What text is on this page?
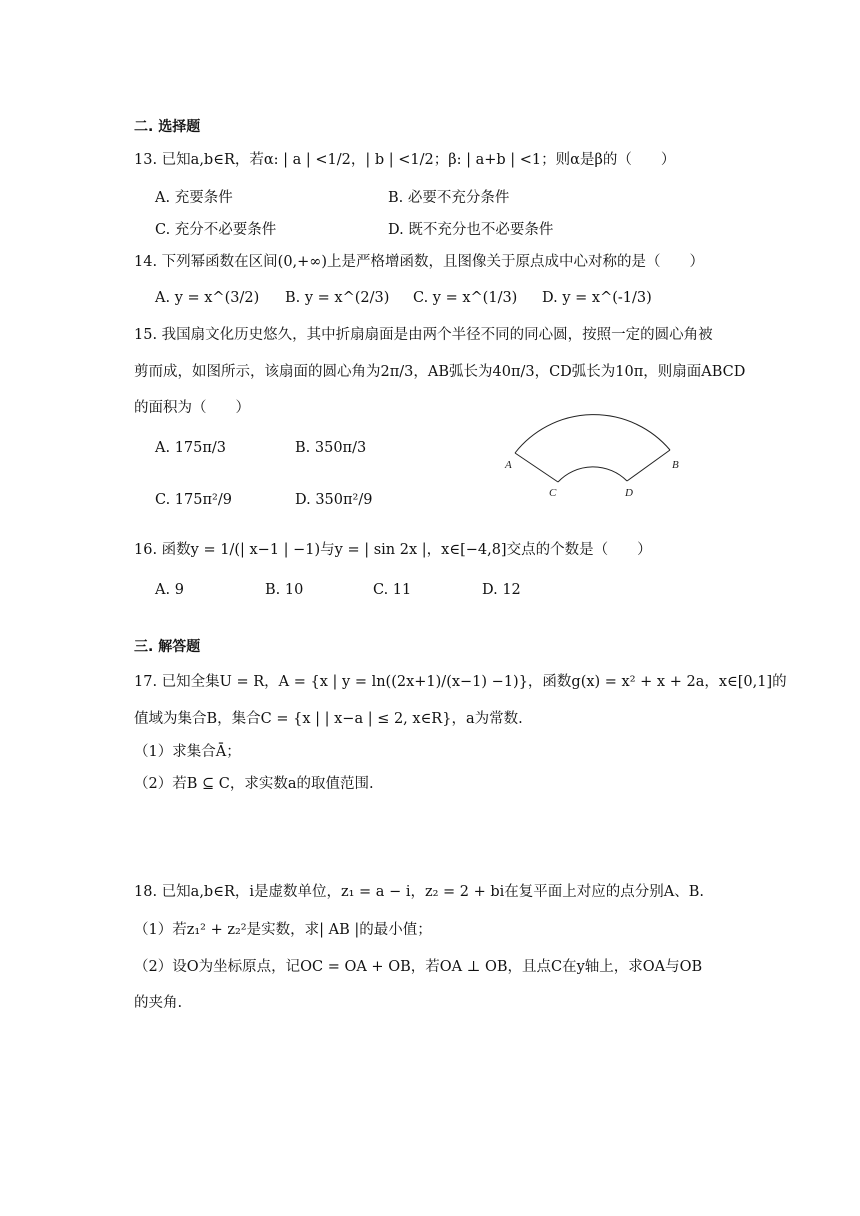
二. 选择题
13. 已知a,b∈R，若α: | a | <1/2，| b | <1/2；β: | a+b | <1；则α是β的（　　）
A. 充要条件	B. 必要不充分条件
C. 充分不必要条件	D. 既不充分也不必要条件
14. 下列幂函数在区间(0,+∞)上是严格增函数，且图像关于原点成中心对称的是（　　）
A. y = x^(3/2) B. y = x^(2/3) C. y = x^(1/3) D. y = x^(-1/3)
15. 我国扇文化历史悠久，其中折扇扇面是由两个半径不同的同心圆，按照一定的圆心角被
剪而成，如图所示，该扇面的圆心角为2π/3，AB弧长为40π/3，CD弧长为10π，则扇面ABCD
的面积为（　　）
A. 175π/3	B. 350π/3
C. 175π²/9	D. 350π²/9
A	B
C	D
16. 函数y = 1/(| x−1 | −1)与y = | sin 2x |，x∈[−4,8]交点的个数是（　　）
A. 9	B. 10	C. 11	D. 12
三. 解答题
17. 已知全集U = R，A = {x | y = ln((2x+1)/(x−1) −1)}，函数g(x) = x² + x + 2a，x∈[0,1]的
值域为集合B，集合C = {x | | x−a | ≤ 2, x∈R}，a为常数.
（1）求集合Ā；
（2）若B ⊆ C，求实数a的取值范围.
18. 已知a,b∈R，i是虚数单位，z₁ = a − i，z₂ = 2 + bi在复平面上对应的点分别A、B.
（1）若z₁² + z₂²是实数，求| AB |的最小值；
（2）设O为坐标原点，记OC = OA + OB，若OA ⊥ OB，且点C在y轴上，求OA与OB
的夹角.
